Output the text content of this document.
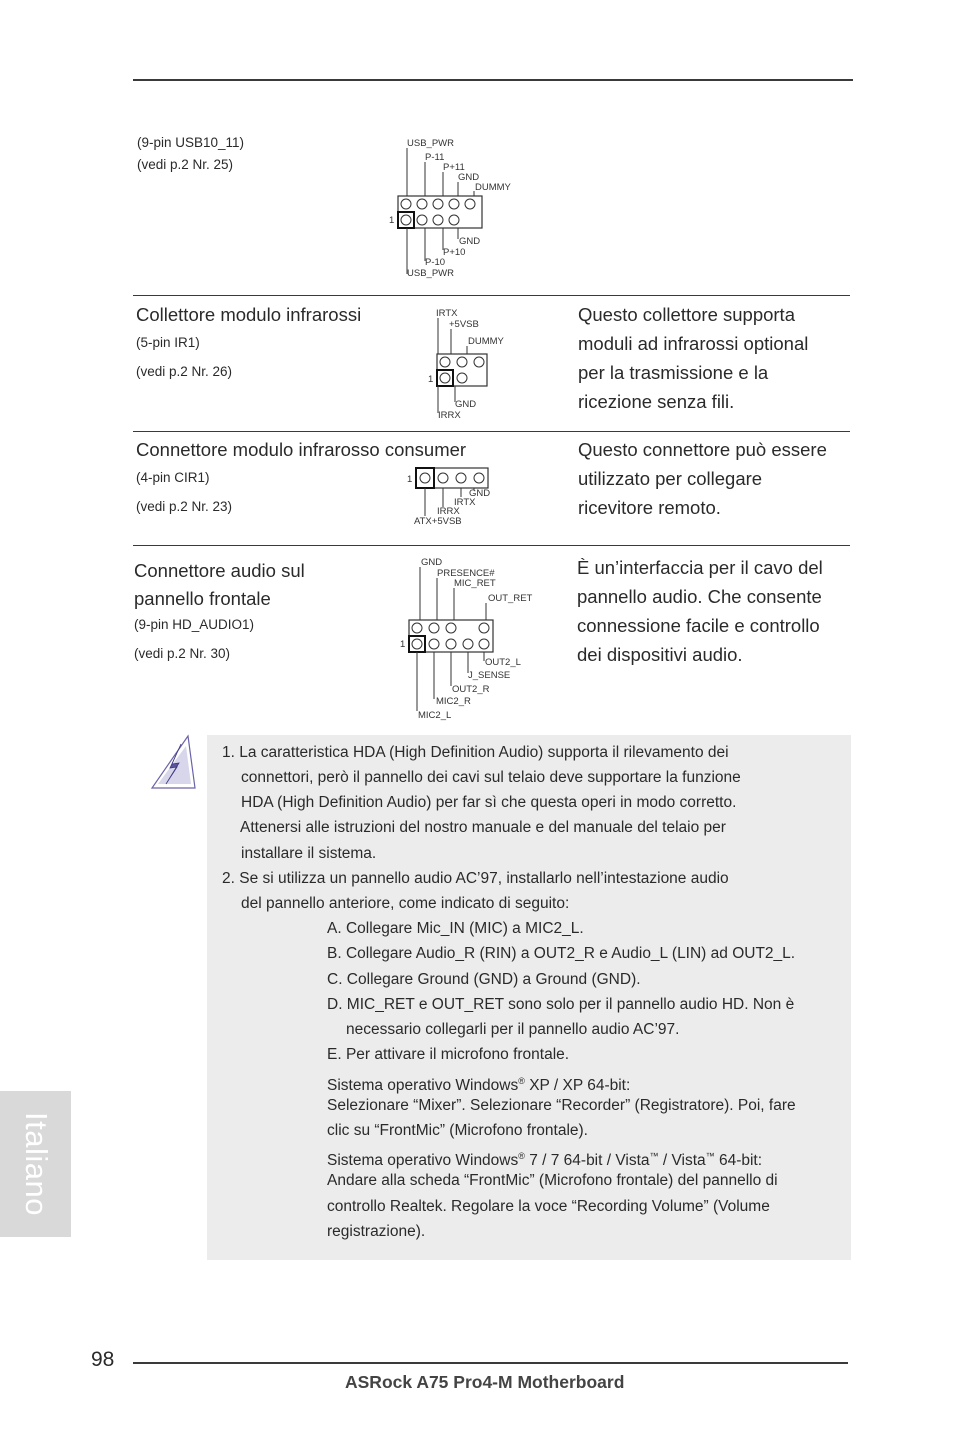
(9-pin USB10_11)
(vedi p.2 Nr. 25)
USB_PWR
P-11
P+11
GND
DUMMY
1
GND
P+10
P-10
USB_PWR
Collettore modulo infrarossi
(5-pin IR1)
(vedi p.2 Nr. 26)
IRTX
+5VSB
DUMMY
1
GND
IRRX
Questo collettore supporta
moduli ad infrarossi optional
per la trasmissione e la
ricezione senza fili.
Connettore modulo infrarosso consumer
(4-pin CIR1)
(vedi p.2 Nr. 23)
1
GND
IRTX
IRRX
ATX+5VSB
Questo connettore può essere
utilizzato per collegare
ricevitore remoto.
Connettore audio sul
pannello frontale
(9-pin HD_AUDIO1)
(vedi p.2 Nr. 30)
GND
PRESENCE#
MIC_RET
OUT_RET
1
OUT2_L
J_SENSE
OUT2_R
MIC2_R
MIC2_L
È un’interfaccia per il cavo del
pannello audio. Che consente
connessione facile e controllo
dei dispositivi audio.
1. La caratteristica HDA (High Definition Audio) supporta il rilevamento dei
connettori, però il pannello dei cavi sul telaio deve supportare la funzione
HDA (High Definition Audio) per far sì che questa operi in modo corretto.
Attenersi alle istruzioni del nostro manuale e del manuale del telaio per
installare il sistema.
2. Se si utilizza un pannello audio AC’97, installarlo nell’intestazione audio
del pannello anteriore, come indicato di seguito:
A. Collegare Mic_IN (MIC) a MIC2_L.
B. Collegare Audio_R (RIN) a OUT2_R e Audio_L (LIN) ad OUT2_L.
C. Collegare Ground (GND) a Ground (GND).
D. MIC_RET e OUT_RET sono solo per il pannello audio HD. Non è
necessario collegarli per il pannello audio AC’97.
E. Per attivare il microfono frontale.
Sistema operativo Windows® XP / XP 64-bit:
Selezionare “Mixer”. Selezionare “Recorder” (Registratore). Poi, fare
clic su “FrontMic” (Microfono frontale).
Sistema operativo Windows® 7 / 7 64-bit / Vista™ / Vista™ 64-bit:
Andare alla scheda “FrontMic” (Microfono frontale) del pannello di
controllo Realtek. Regolare la voce “Recording Volume” (Volume
registrazione).
Italiano
98
ASRock A75 Pro4-M Motherboard
